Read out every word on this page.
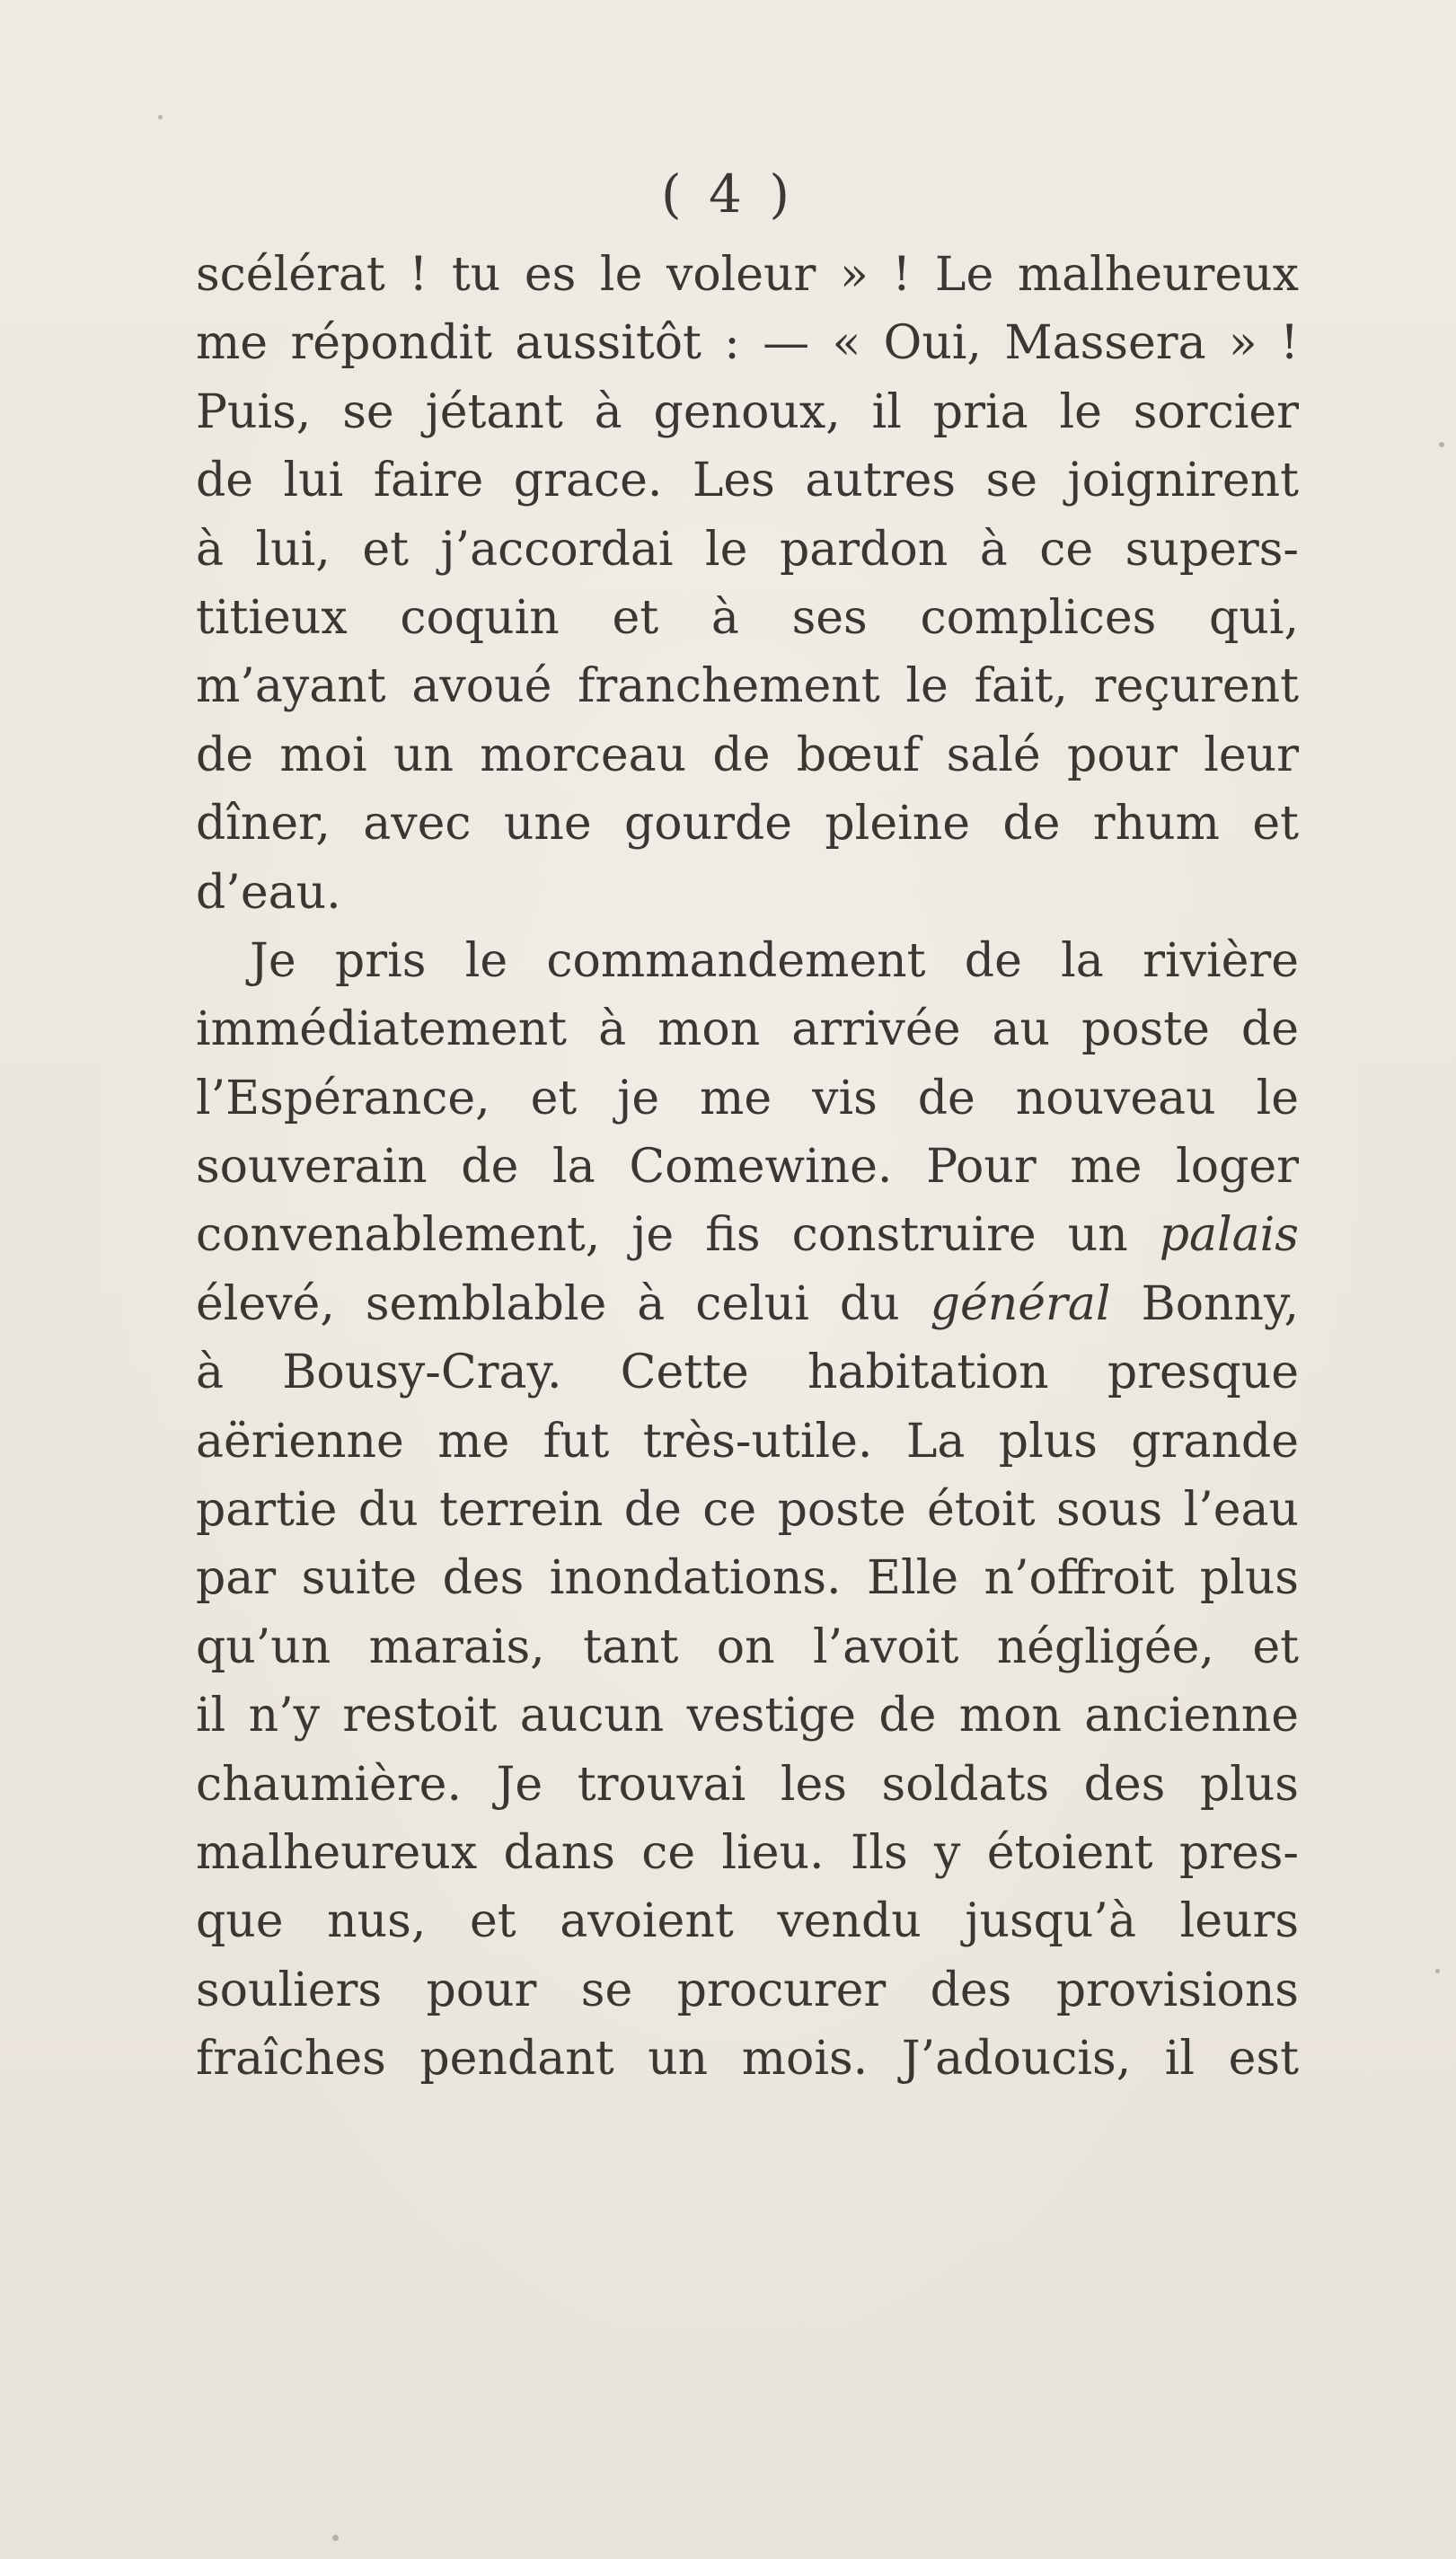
( 4 )
scélérat ! tu es le voleur » ! Le malheureux
me répondit aussitôt : — « Oui, Massera » !
Puis, se jétant à genoux, il pria le sorcier
de lui faire grace. Les autres se joignirent
à lui, et j’accordai le pardon à ce supers-
titieux coquin et à ses complices qui,
m’ayant avoué franchement le fait, reçurent
de moi un morceau de bœuf salé pour leur
dîner, avec une gourde pleine de rhum et
d’eau.
Je pris le commandement de la rivière
immédiatement à mon arrivée au poste de
l’Espérance, et je me vis de nouveau le
souverain de la Comewine. Pour me loger
convenablement, je fis construire un palais
élevé, semblable à celui du général Bonny,
à Bousy-Cray. Cette habitation presque
aërienne me fut très-utile. La plus grande
partie du terrein de ce poste étoit sous l’eau
par suite des inondations. Elle n’offroit plus
qu’un marais, tant on l’avoit négligée, et
il n’y restoit aucun vestige de mon ancienne
chaumière. Je trouvai les soldats des plus
malheureux dans ce lieu. Ils y étoient pres-
que nus, et avoient vendu jusqu’à leurs
souliers pour se procurer des provisions
fraîches pendant un mois. J’adoucis, il est
